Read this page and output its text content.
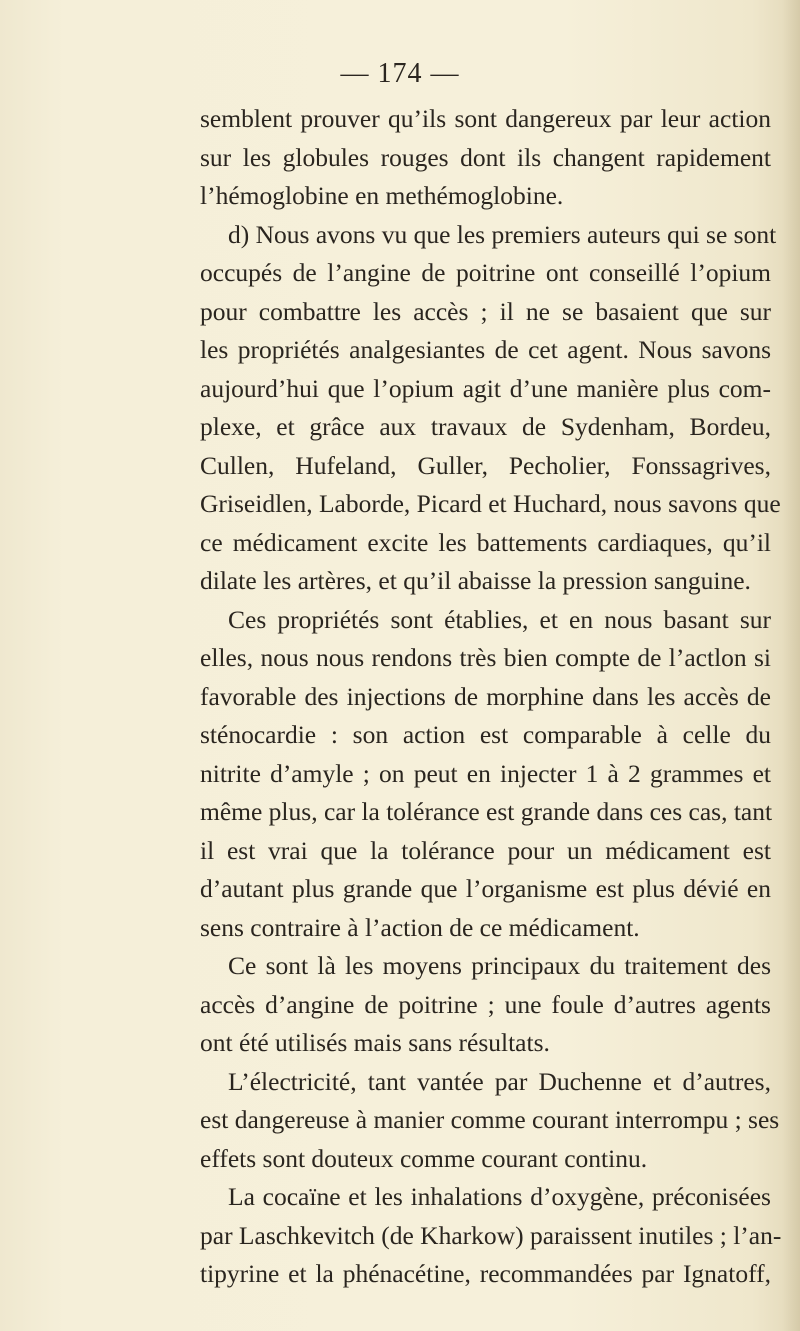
— 174 —
semblent prouver qu’ils sont dangereux par leur action
sur les globules rouges dont ils changent rapidement
l’hémoglobine en methémoglobine.
d) Nous avons vu que les premiers auteurs qui se sont
occupés de l’angine de poitrine ont conseillé l’opium
pour combattre les accès ; il ne se basaient que sur
les propriétés analgesiantes de cet agent. Nous savons
aujourd’hui que l’opium agit d’une manière plus com-
plexe, et grâce aux travaux de Sydenham, Bordeu,
Cullen, Hufeland, Guller, Pecholier, Fonssagrives,
Griseidlen, Laborde, Picard et Huchard, nous savons que
ce médicament excite les battements cardiaques, qu’il
dilate les artères, et qu’il abaisse la pression sanguine.
Ces propriétés sont établies, et en nous basant sur
elles, nous nous rendons très bien compte de l’actlon si
favorable des injections de morphine dans les accès de
sténocardie : son action est comparable à celle du
nitrite d’amyle ; on peut en injecter 1 à 2 grammes et
même plus, car la tolérance est grande dans ces cas, tant
il est vrai que la tolérance pour un médicament est
d’autant plus grande que l’organisme est plus dévié en
sens contraire à l’action de ce médicament.
Ce sont là les moyens principaux du traitement des
accès d’angine de poitrine ; une foule d’autres agents
ont été utilisés mais sans résultats.
L’électricité, tant vantée par Duchenne et d’autres,
est dangereuse à manier comme courant interrompu ; ses
effets sont douteux comme courant continu.
La cocaïne et les inhalations d’oxygène, préconisées
par Laschkevitch (de Kharkow) paraissent inutiles ; l’an-
tipyrine et la phénacétine, recommandées par Ignatoff,
